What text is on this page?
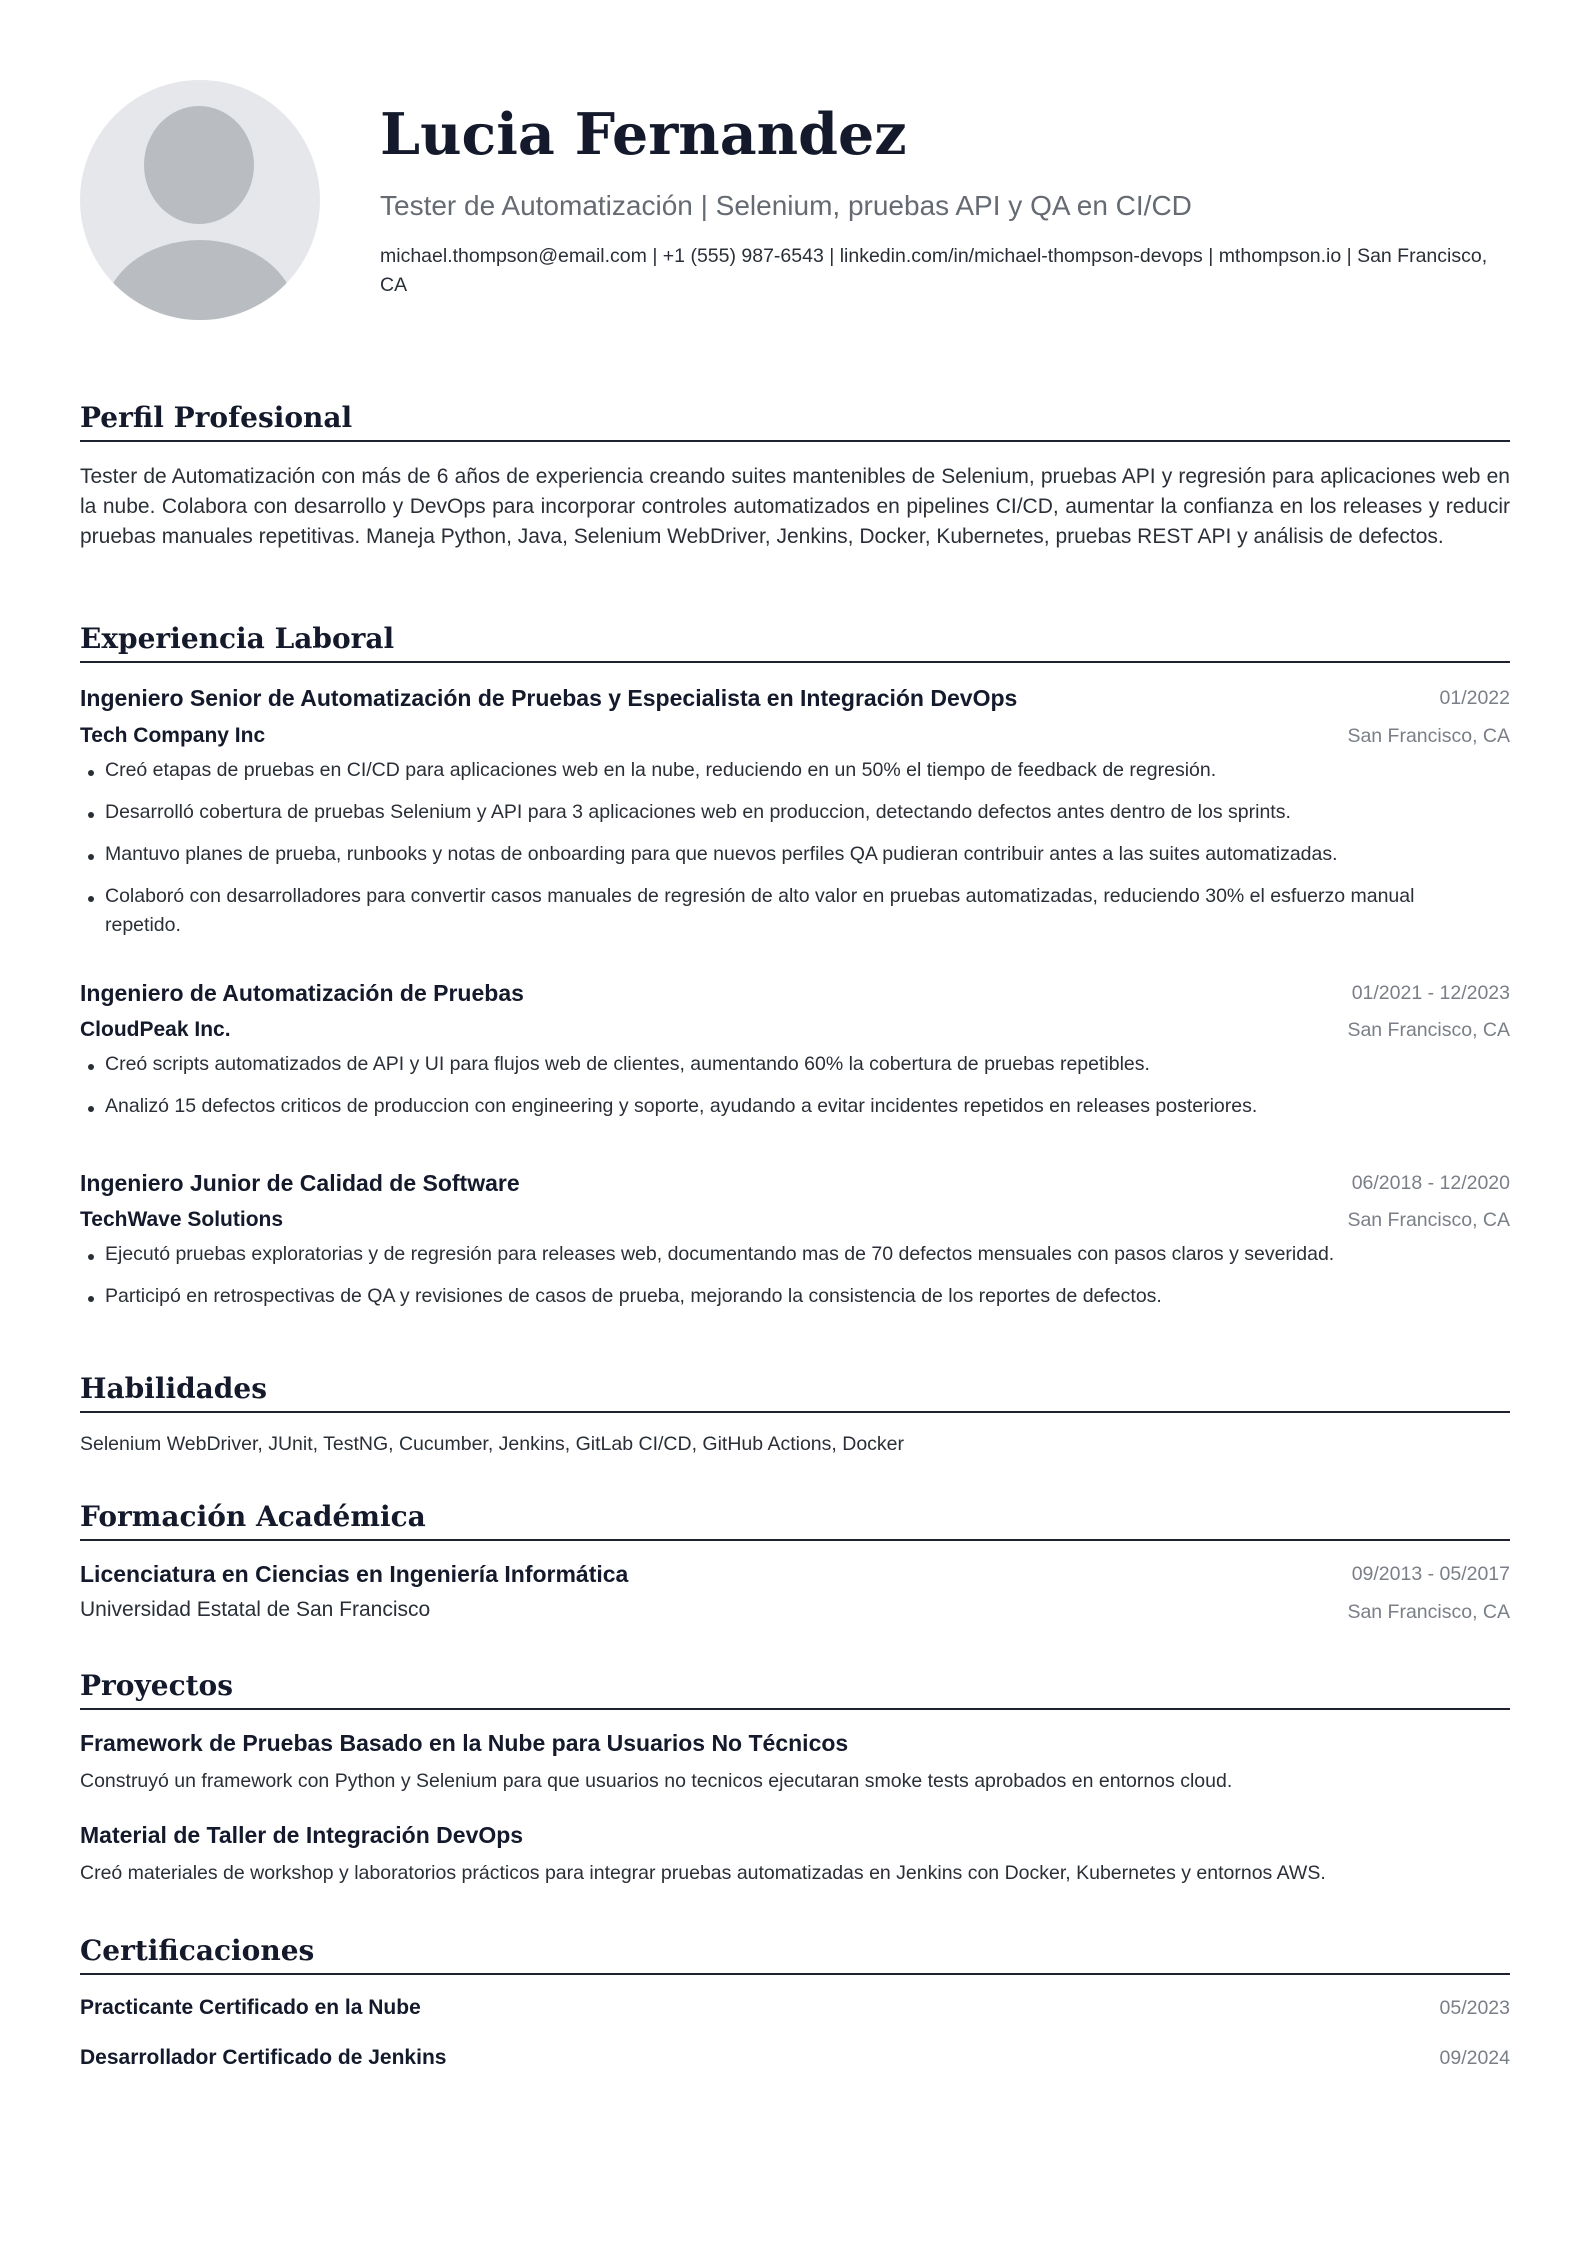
Lucia Fernandez
Tester de Automatización | Selenium, pruebas API y QA en CI/CD
michael.thompson@email.com | +1 (555) 987-6543 | linkedin.com/in/michael-thompson-devops | mthompson.io | San Francisco, CA
Perfil Profesional
Tester de Automatización con más de 6 años de experiencia creando suites mantenibles de Selenium, pruebas API y regresión para aplicaciones web en la nube. Colabora con desarrollo y DevOps para incorporar controles automatizados en pipelines CI/CD, aumentar la confianza en los releases y reducir pruebas manuales repetitivas. Maneja Python, Java, Selenium WebDriver, Jenkins, Docker, Kubernetes, pruebas REST API y análisis de defectos.
Experiencia Laboral
Ingeniero Senior de Automatización de Pruebas y Especialista en Integración DevOps	01/2022
Tech Company Inc	San Francisco, CA
Creó etapas de pruebas en CI/CD para aplicaciones web en la nube, reduciendo en un 50% el tiempo de feedback de regresión.
Desarrolló cobertura de pruebas Selenium y API para 3 aplicaciones web en produccion, detectando defectos antes dentro de los sprints.
Mantuvo planes de prueba, runbooks y notas de onboarding para que nuevos perfiles QA pudieran contribuir antes a las suites automatizadas.
Colaboró con desarrolladores para convertir casos manuales de regresión de alto valor en pruebas automatizadas, reduciendo 30% el esfuerzo manual repetido.
Ingeniero de Automatización de Pruebas	01/2021 - 12/2023
CloudPeak Inc.	San Francisco, CA
Creó scripts automatizados de API y UI para flujos web de clientes, aumentando 60% la cobertura de pruebas repetibles.
Analizó 15 defectos criticos de produccion con engineering y soporte, ayudando a evitar incidentes repetidos en releases posteriores.
Ingeniero Junior de Calidad de Software	06/2018 - 12/2020
TechWave Solutions	San Francisco, CA
Ejecutó pruebas exploratorias y de regresión para releases web, documentando mas de 70 defectos mensuales con pasos claros y severidad.
Participó en retrospectivas de QA y revisiones de casos de prueba, mejorando la consistencia de los reportes de defectos.
Habilidades
Selenium WebDriver, JUnit, TestNG, Cucumber, Jenkins, GitLab CI/CD, GitHub Actions, Docker
Formación Académica
Licenciatura en Ciencias en Ingeniería Informática	09/2013 - 05/2017
Universidad Estatal de San Francisco	San Francisco, CA
Proyectos
Framework de Pruebas Basado en la Nube para Usuarios No Técnicos
Construyó un framework con Python y Selenium para que usuarios no tecnicos ejecutaran smoke tests aprobados en entornos cloud.
Material de Taller de Integración DevOps
Creó materiales de workshop y laboratorios prácticos para integrar pruebas automatizadas en Jenkins con Docker, Kubernetes y entornos AWS.
Certificaciones
Practicante Certificado en la Nube	05/2023
Desarrollador Certificado de Jenkins	09/2024
